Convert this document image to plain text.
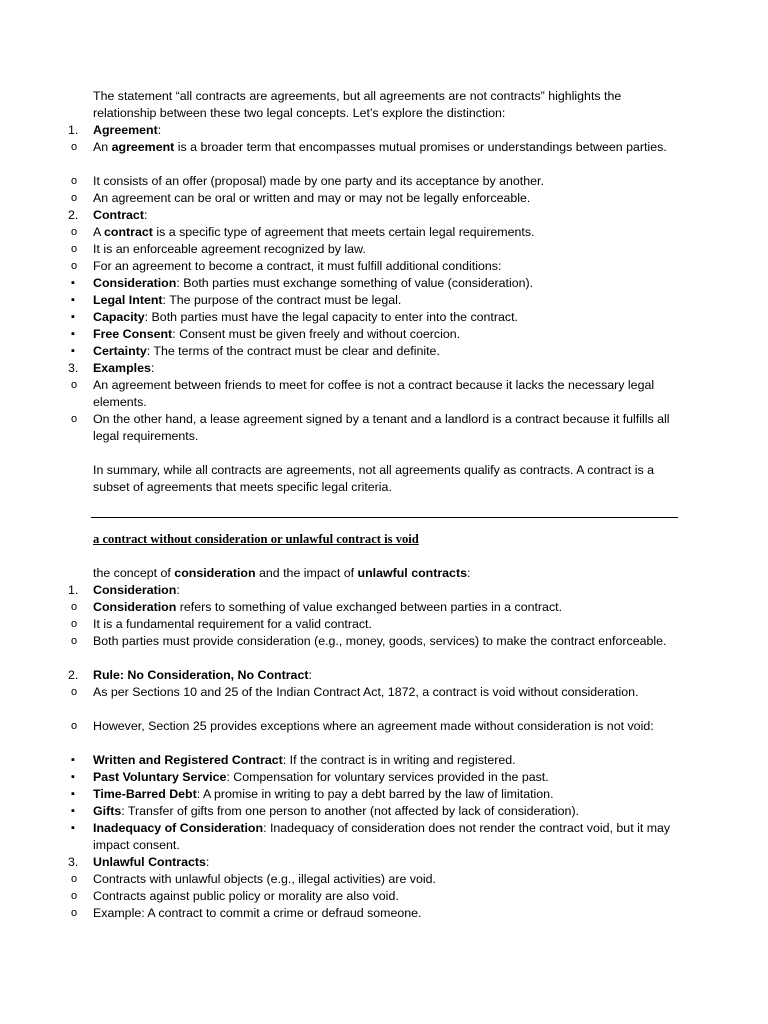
The statement “all contracts are agreements, but all agreements are not contracts” highlights the relationship between these two legal concepts. Let’s explore the distinction:
1.	Agreement:
o	An agreement is a broader term that encompasses mutual promises or understandings between parties.
o	It consists of an offer (proposal) made by one party and its acceptance by another.
o	An agreement can be oral or written and may or may not be legally enforceable.
2.	Contract:
o	A contract is a specific type of agreement that meets certain legal requirements.
o	It is an enforceable agreement recognized by law.
o	For an agreement to become a contract, it must fulfill additional conditions:
▪	Consideration: Both parties must exchange something of value (consideration).
▪	Legal Intent: The purpose of the contract must be legal.
▪	Capacity: Both parties must have the legal capacity to enter into the contract.
▪	Free Consent: Consent must be given freely and without coercion.
▪	Certainty: The terms of the contract must be clear and definite.
3.	Examples:
o	An agreement between friends to meet for coffee is not a contract because it lacks the necessary legal elements.
o	On the other hand, a lease agreement signed by a tenant and a landlord is a contract because it fulfills all legal requirements.
In summary, while all contracts are agreements, not all agreements qualify as contracts. A contract is a subset of agreements that meets specific legal criteria.
a contract without consideration or unlawful contract is void
the concept of consideration and the impact of unlawful contracts:
1.	Consideration:
o	Consideration refers to something of value exchanged between parties in a contract.
o	It is a fundamental requirement for a valid contract.
o	Both parties must provide consideration (e.g., money, goods, services) to make the contract enforceable.
2.	Rule: No Consideration, No Contract:
o	As per Sections 10 and 25 of the Indian Contract Act, 1872, a contract is void without consideration.
o	However, Section 25 provides exceptions where an agreement made without consideration is not void:
▪	Written and Registered Contract: If the contract is in writing and registered.
▪	Past Voluntary Service: Compensation for voluntary services provided in the past.
▪	Time-Barred Debt: A promise in writing to pay a debt barred by the law of limitation.
▪	Gifts: Transfer of gifts from one person to another (not affected by lack of consideration).
▪	Inadequacy of Consideration: Inadequacy of consideration does not render the contract void, but it may impact consent.
3.	Unlawful Contracts:
o	Contracts with unlawful objects (e.g., illegal activities) are void.
o	Contracts against public policy or morality are also void.
o	Example: A contract to commit a crime or defraud someone.
